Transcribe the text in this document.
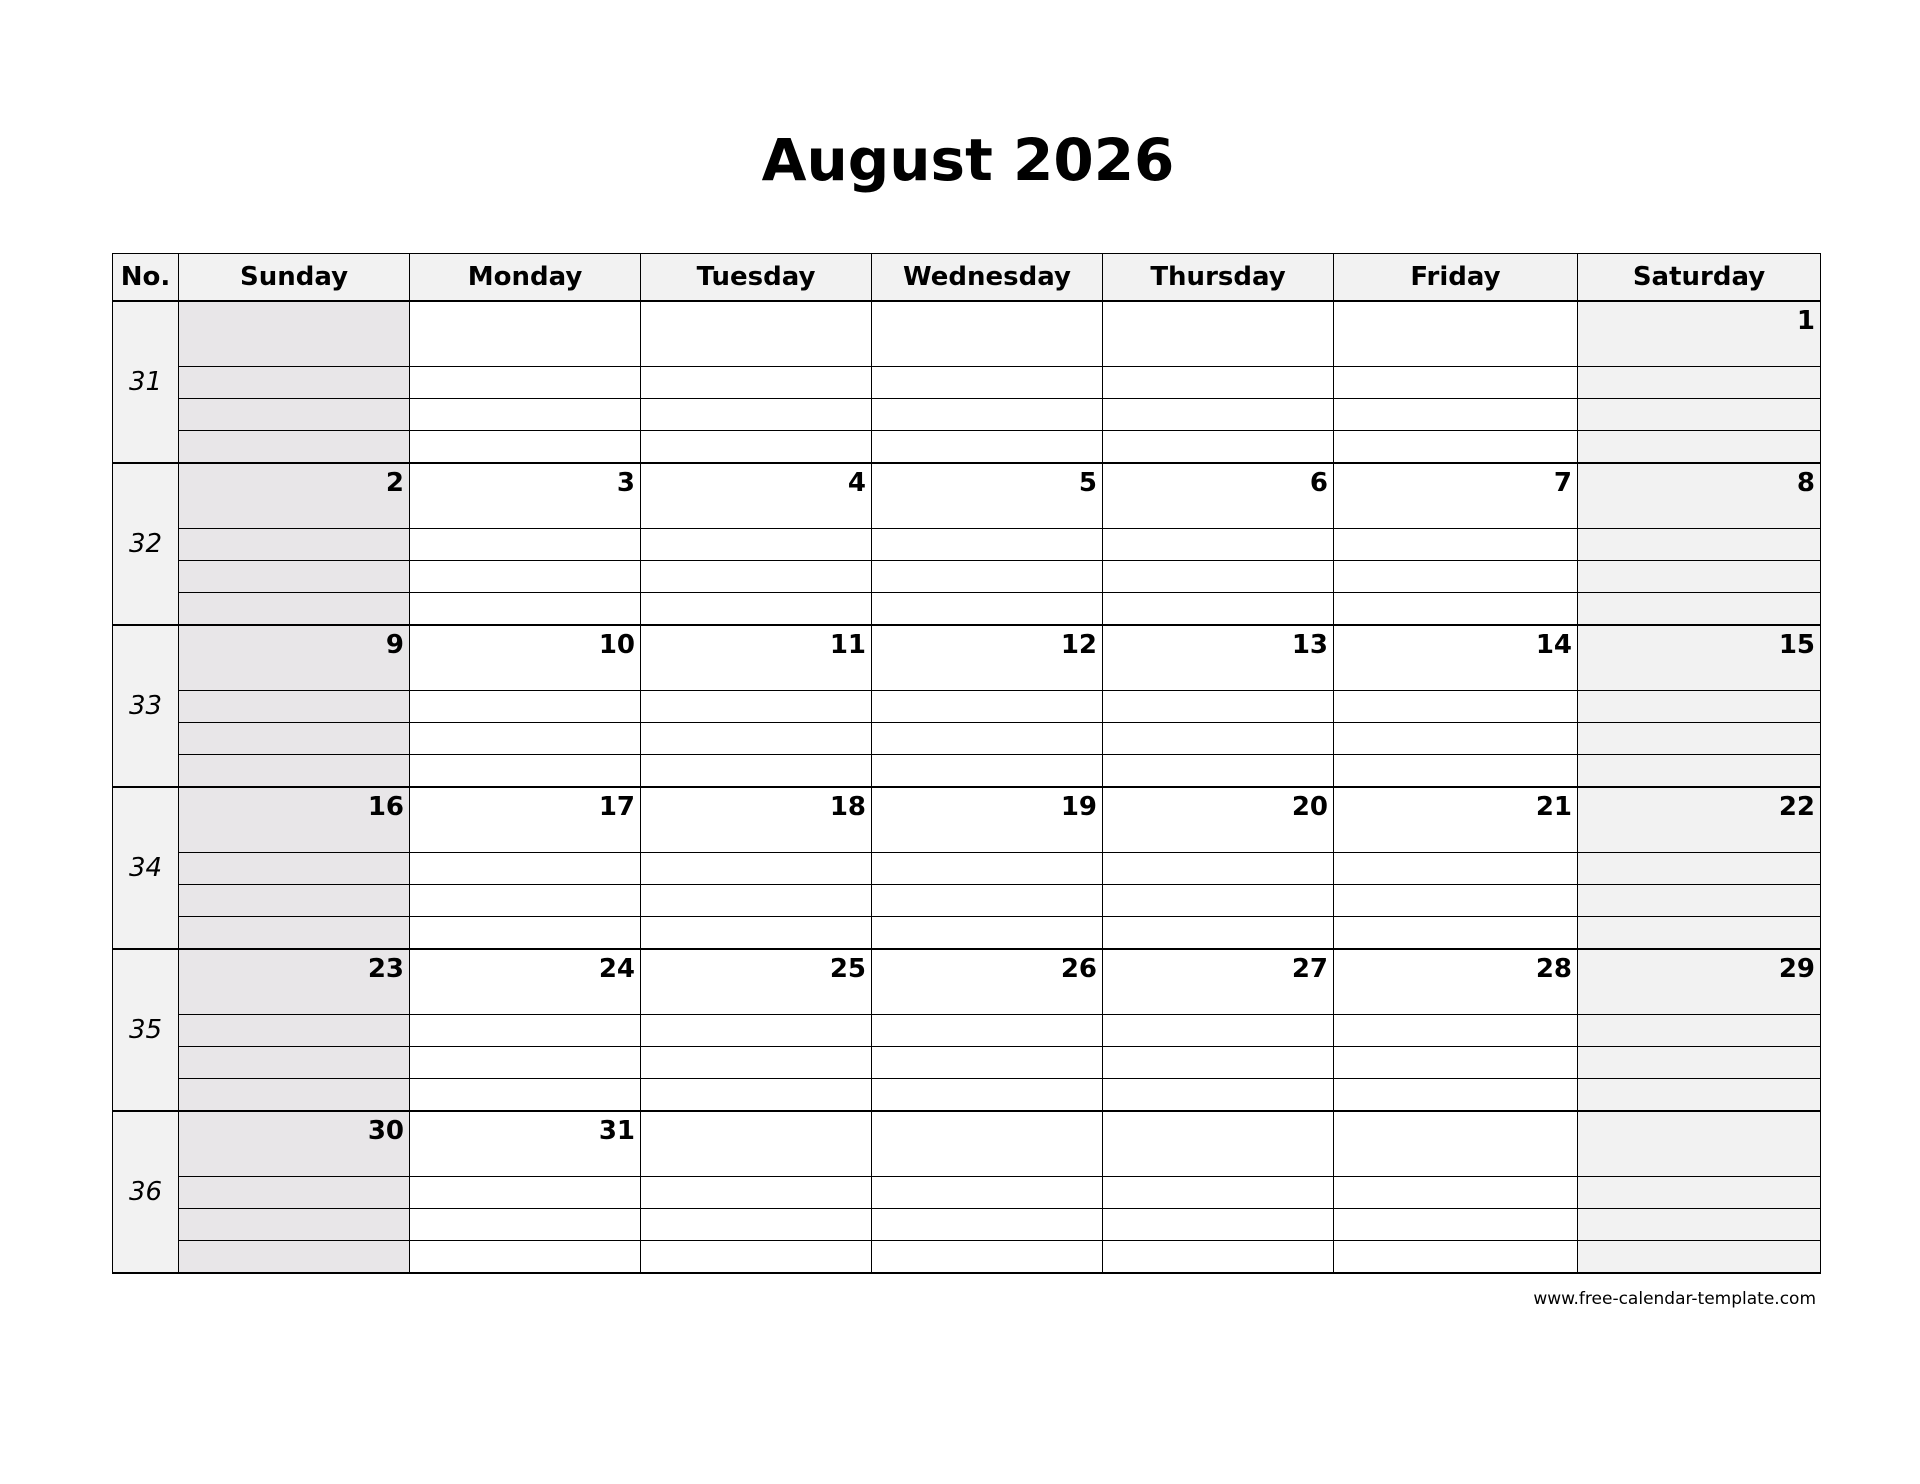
August 2026
No.	Sunday	Monday	Tuesday	Wednesday	Thursday	Friday	Saturday
31							1

32	2	3	4	5	6	7	8

33	9	10	11	12	13	14	15

34	16	17	18	19	20	21	22

35	23	24	25	26	27	28	29

36	30	31					

www.free-calendar-template.com
